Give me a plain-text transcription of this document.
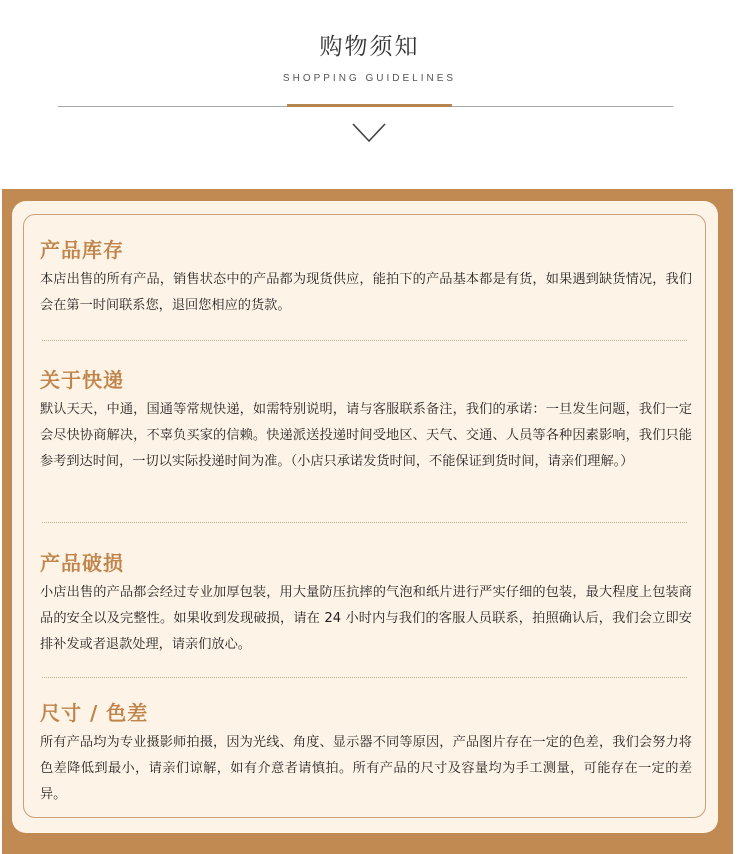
购物须知
SHOPPING GUIDELINES
产品库存

本店出售的所有产品，销售状态中的产品都为现货供应，能拍下的产品基本都是有货，如果遇到缺货情况，我们会在第一时间联系您，退回您相应的货款。

关于快递

默认天天，中通，国通等常规快递，如需特别说明，请与客服联系备注，我们的承诺：一旦发生问题，我们一定会尽快协商解决，不辜负买家的信赖。快递派送投递时间受地区、天气、交通、人员等各种因素影响，我们只能参考到达时间，一切以实际投递时间为准。（小店只承诺发货时间，不能保证到货时间，请亲们理解。）

产品破损

小店出售的产品都会经过专业加厚包装，用大量防压抗摔的气泡和纸片进行严实仔细的包装，最大程度上包装商品的安全以及完整性。如果收到发现破损，请在 24 小时内与我们的客服人员联系，拍照确认后，我们会立即安排补发或者退款处理，请亲们放心。

尺寸 / 色差

所有产品均为专业摄影师拍摄，因为光线、角度、显示器不同等原因，产品图片存在一定的色差，我们会努力将色差降低到最小，请亲们谅解，如有介意者请慎拍。所有产品的尺寸及容量均为手工测量，可能存在一定的差异。
